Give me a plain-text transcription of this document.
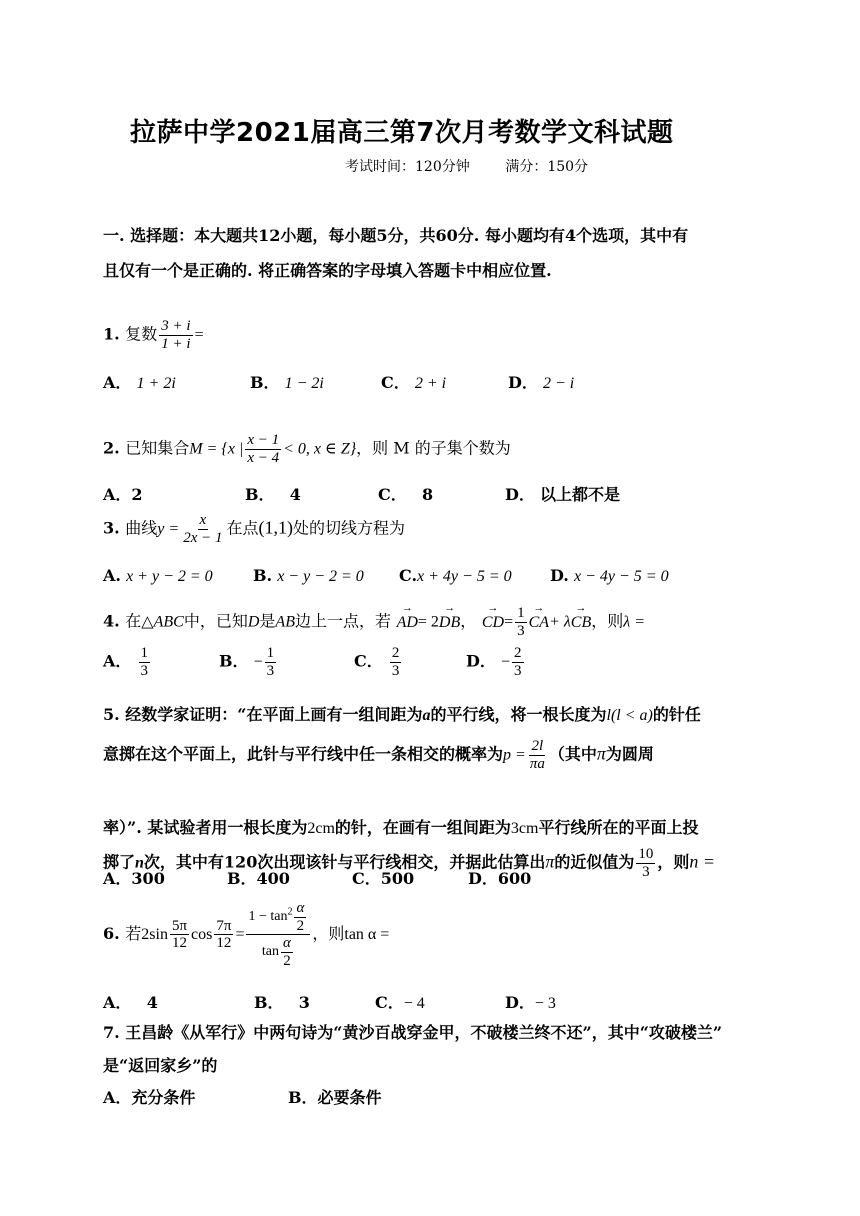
拉萨中学2021届高三第7次月考数学文科试题
考试时间：120分钟        满分：150分
一. 选择题：本大题共12小题，每小题5分，共60分. 每小题均有4个选项，其中有
且仅有一个是正确的. 将正确答案的字母填入答题卡中相应位置.
1. 复数 $\frac{3 + i}{1 + i}$ =
A． 1 + 2i	B． 1 − 2i	C． 2 + i	D． 2 − i
2. 已知集合M = {x | $\frac{x - 1}{x - 4} < 0$, x ∈ Z}，则 M 的子集个数为
A．2	B． 4	C． 8	D． 以上都不是
3. 曲线$y = \frac{x}{2x - 1}$ 在点(1,1)处的切线方程为
A. x + y − 2 = 0	B. x − y − 2 = 0 C.x + 4y − 5 = 0 D. x − 4y − 5 = 0
4. 在△ABC中，已知D是AB边上一点，若 → AD= 2→ DB， → $CD= \frac{1}{3}$
→ CA+ λ→ CB，则λ =
A． $\frac{1}{3}$	B． − $\frac{1}{3}$	C． $\frac{2}{3}$	D． − $\frac{2}{3}$
5. 经数学家证明：“在平面上画有一组间距为a的平行线，将一根长度为l(l < a)的针任
意掷在这个平面上，此针与平行线中任一条相交的概率为$p = \frac{2l}{\pi a}$ （其中π为圆周
率）”. 某试验者用一根长度为2cm的针，在画有一组间距为3cm平行线所在的平面上投
掷了n次，其中有120次出现该针与平行线相交，并据此估算出π的近似值为 $\frac{10}{3}$ ，则n =
A．300	B．400	C．500	D．600
6. 若$2\sin \frac{5\pi}{12}$ $\cos \frac{7\pi}{12} = \frac{1 - \tan^2 \frac{\alpha}{2}}{\tan \frac{\alpha}{2}}$ ，则tan α =
A． 4	B． 3	C．− 4	D．− 3
7. 王昌龄《从军行》中两句诗为“黄沙百战穿金甲，不破楼兰终不还”，其中“攻破楼兰”
是“返回家乡”的
A．充分条件	B．必要条件
